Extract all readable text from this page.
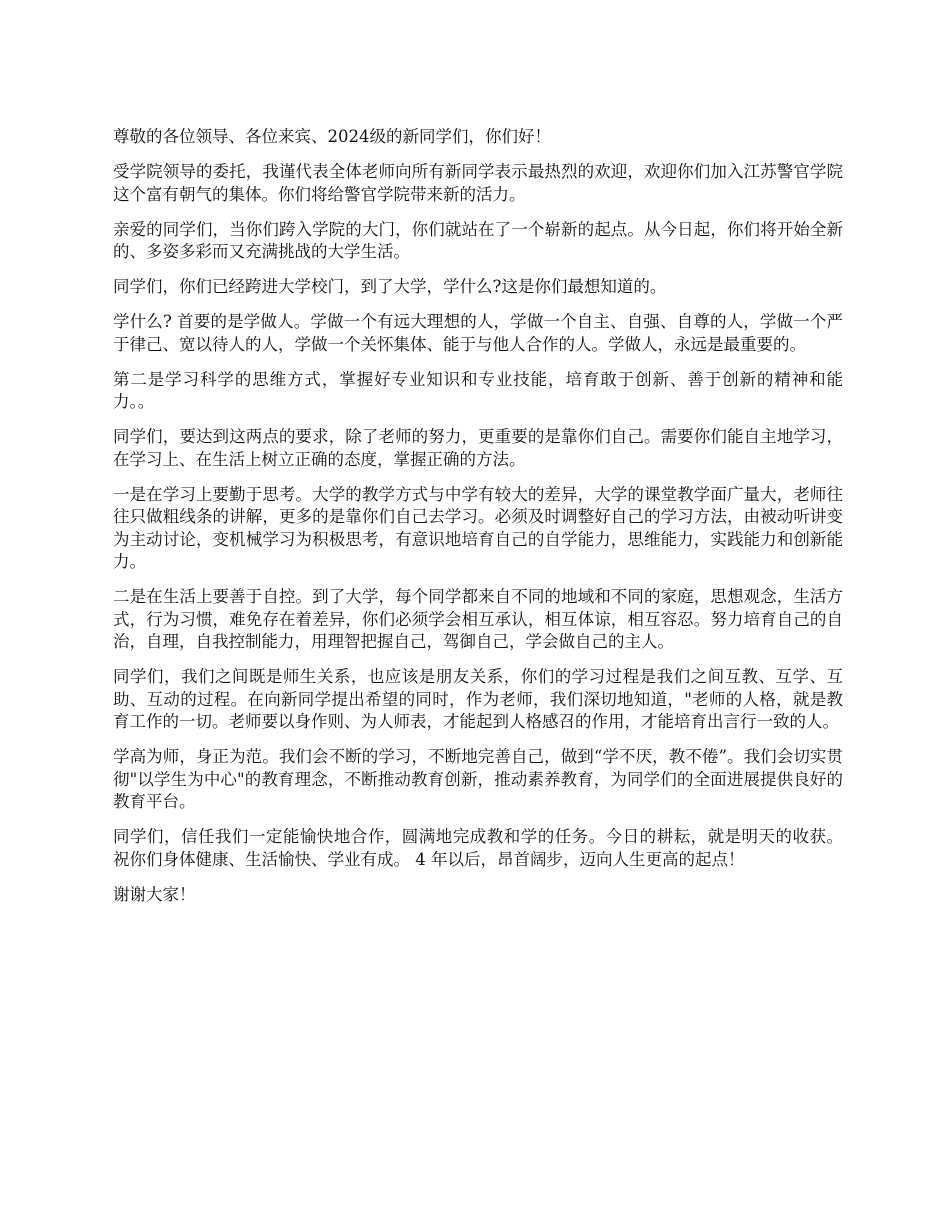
尊敬的各位领导、各位来宾、2024级的新同学们，你们好！

受学院领导的委托，我谨代表全体老师向所有新同学表示最热烈的欢迎，欢迎你们加入江苏警官学院这个富有朝气的集体。你们将给警官学院带来新的活力。

亲爱的同学们，当你们跨入学院的大门，你们就站在了一个崭新的起点。从今日起，你们将开始全新的、多姿多彩而又充满挑战的大学生活。

同学们，你们已经跨进大学校门，到了大学，学什么?这是你们最想知道的。

学什么? 首要的是学做人。学做一个有远大理想的人，学做一个自主、自强、自尊的人，学做一个严于律己、宽以待人的人，学做一个关怀集体、能于与他人合作的人。学做人，永远是最重要的。

第二是学习科学的思维方式，掌握好专业知识和专业技能，培育敢于创新、善于创新的精神和能力。。

同学们，要达到这两点的要求，除了老师的努力，更重要的是靠你们自己。需要你们能自主地学习，在学习上、在生活上树立正确的态度，掌握正确的方法。

一是在学习上要勤于思考。大学的教学方式与中学有较大的差异，大学的课堂教学面广量大，老师往往只做粗线条的讲解，更多的是靠你们自己去学习。必须及时调整好自己的学习方法，由被动听讲变为主动讨论，变机械学习为积极思考，有意识地培育自己的自学能力，思维能力，实践能力和创新能力。

二是在生活上要善于自控。到了大学，每个同学都来自不同的地域和不同的家庭，思想观念，生活方式，行为习惯，难免存在着差异，你们必须学会相互承认，相互体谅，相互容忍。努力培育自己的自治，自理，自我控制能力，用理智把握自己，驾御自己，学会做自己的主人。

同学们，我们之间既是师生关系，也应该是朋友关系，你们的学习过程是我们之间互教、互学、互助、互动的过程。在向新同学提出希望的同时，作为老师，我们深切地知道，"老师的人格，就是教育工作的一切。老师要以身作则、为人师表，才能起到人格感召的作用，才能培育出言行一致的人。

学高为师，身正为范。我们会不断的学习，不断地完善自己，做到“学不厌，教不倦”。我们会切实贯彻"以学生为中心"的教育理念，不断推动教育创新，推动素养教育，为同学们的全面进展提供良好的教育平台。

同学们，信任我们一定能愉快地合作，圆满地完成教和学的任务。今日的耕耘，就是明天的收获。 祝你们身体健康、生活愉快、学业有成。 4 年以后，昂首阔步，迈向人生更高的起点！

谢谢大家！
